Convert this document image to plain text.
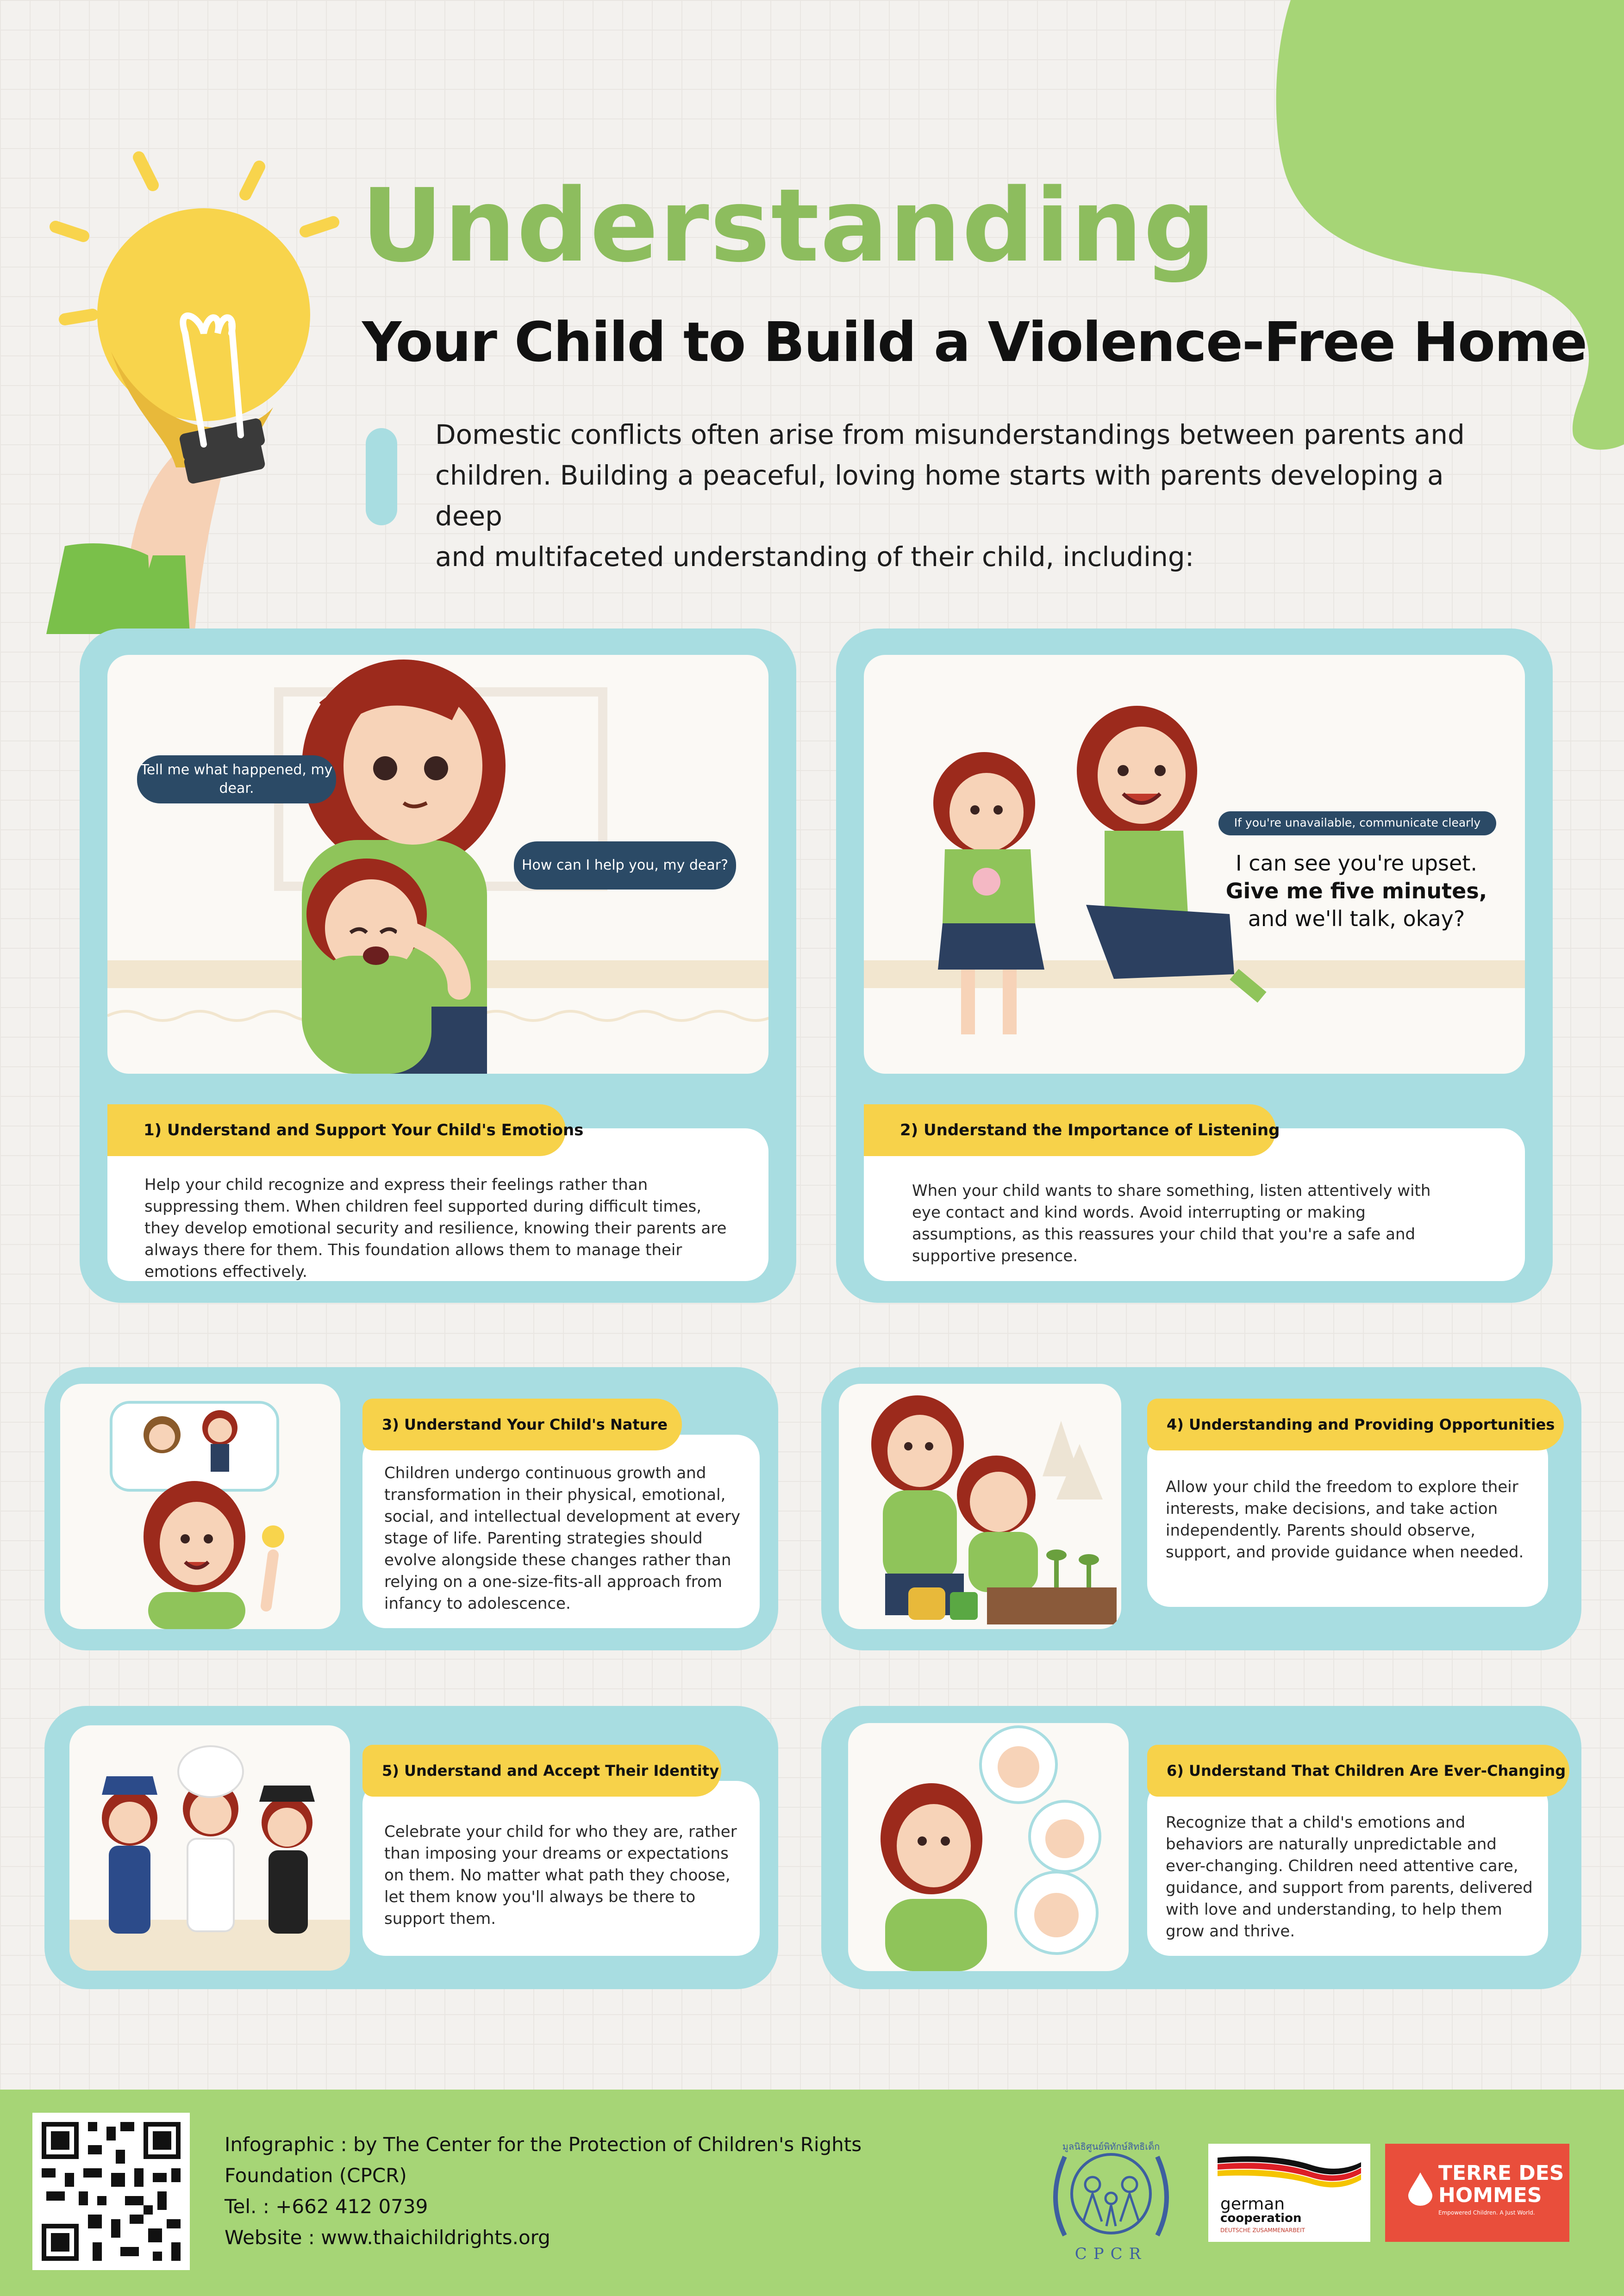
Understanding
Your Child to Build a Violence-Free Home
Domestic conflicts often arise from misunderstandings between parents and
children. Building a peaceful, loving home starts with parents developing a deep
and multifaceted understanding of their child, including:
Tell me what happened, my dear.
How can I help you, my dear?
1) Understand and Support Your Child's Emotions
Help your child recognize and express their feelings rather than suppressing them. When children feel supported during difficult times, they develop emotional security and resilience, knowing their parents are always there for them. This foundation allows them to manage their emotions effectively.
If you're unavailable, communicate clearly
I can see you're upset.
Give me five minutes, and we'll talk, okay?
2) Understand the Importance of Listening
When your child wants to share something, listen attentively with eye contact and kind words. Avoid interrupting or making assumptions, as this reassures your child that you're a safe and supportive presence.
3) Understand Your Child's Nature
Children undergo continuous growth and transformation in their physical, emotional, social, and intellectual development at every stage of life. Parenting strategies should evolve alongside these changes rather than relying on a one-size-fits-all approach from infancy to adolescence.
4) Understanding and Providing Opportunities
Allow your child the freedom to explore their interests, make decisions, and take action independently. Parents should observe, support, and provide guidance when needed.
5) Understand and Accept Their Identity
Celebrate your child for who they are, rather than imposing your dreams or expectations on them. No matter what path they choose, let them know you'll always be there to support them.
6) Understand That Children Are Ever-Changing
Recognize that a child's emotions and behaviors are naturally unpredictable and ever-changing. Children need attentive care, guidance, and support from parents, delivered with love and understanding, to help them grow and thrive.
Infographic : by The Center for the Protection of Children's Rights
Foundation (CPCR)
Tel. : +662 412 0739
Website : www.thaichildrights.org
มูลนิธิศูนย์พิทักษ์สิทธิเด็ก
CPCR
german
cooperation
DEUTSCHE ZUSAMMENARBEIT
TERRE DES
HOMMES
Empowered Children. A Just World.
